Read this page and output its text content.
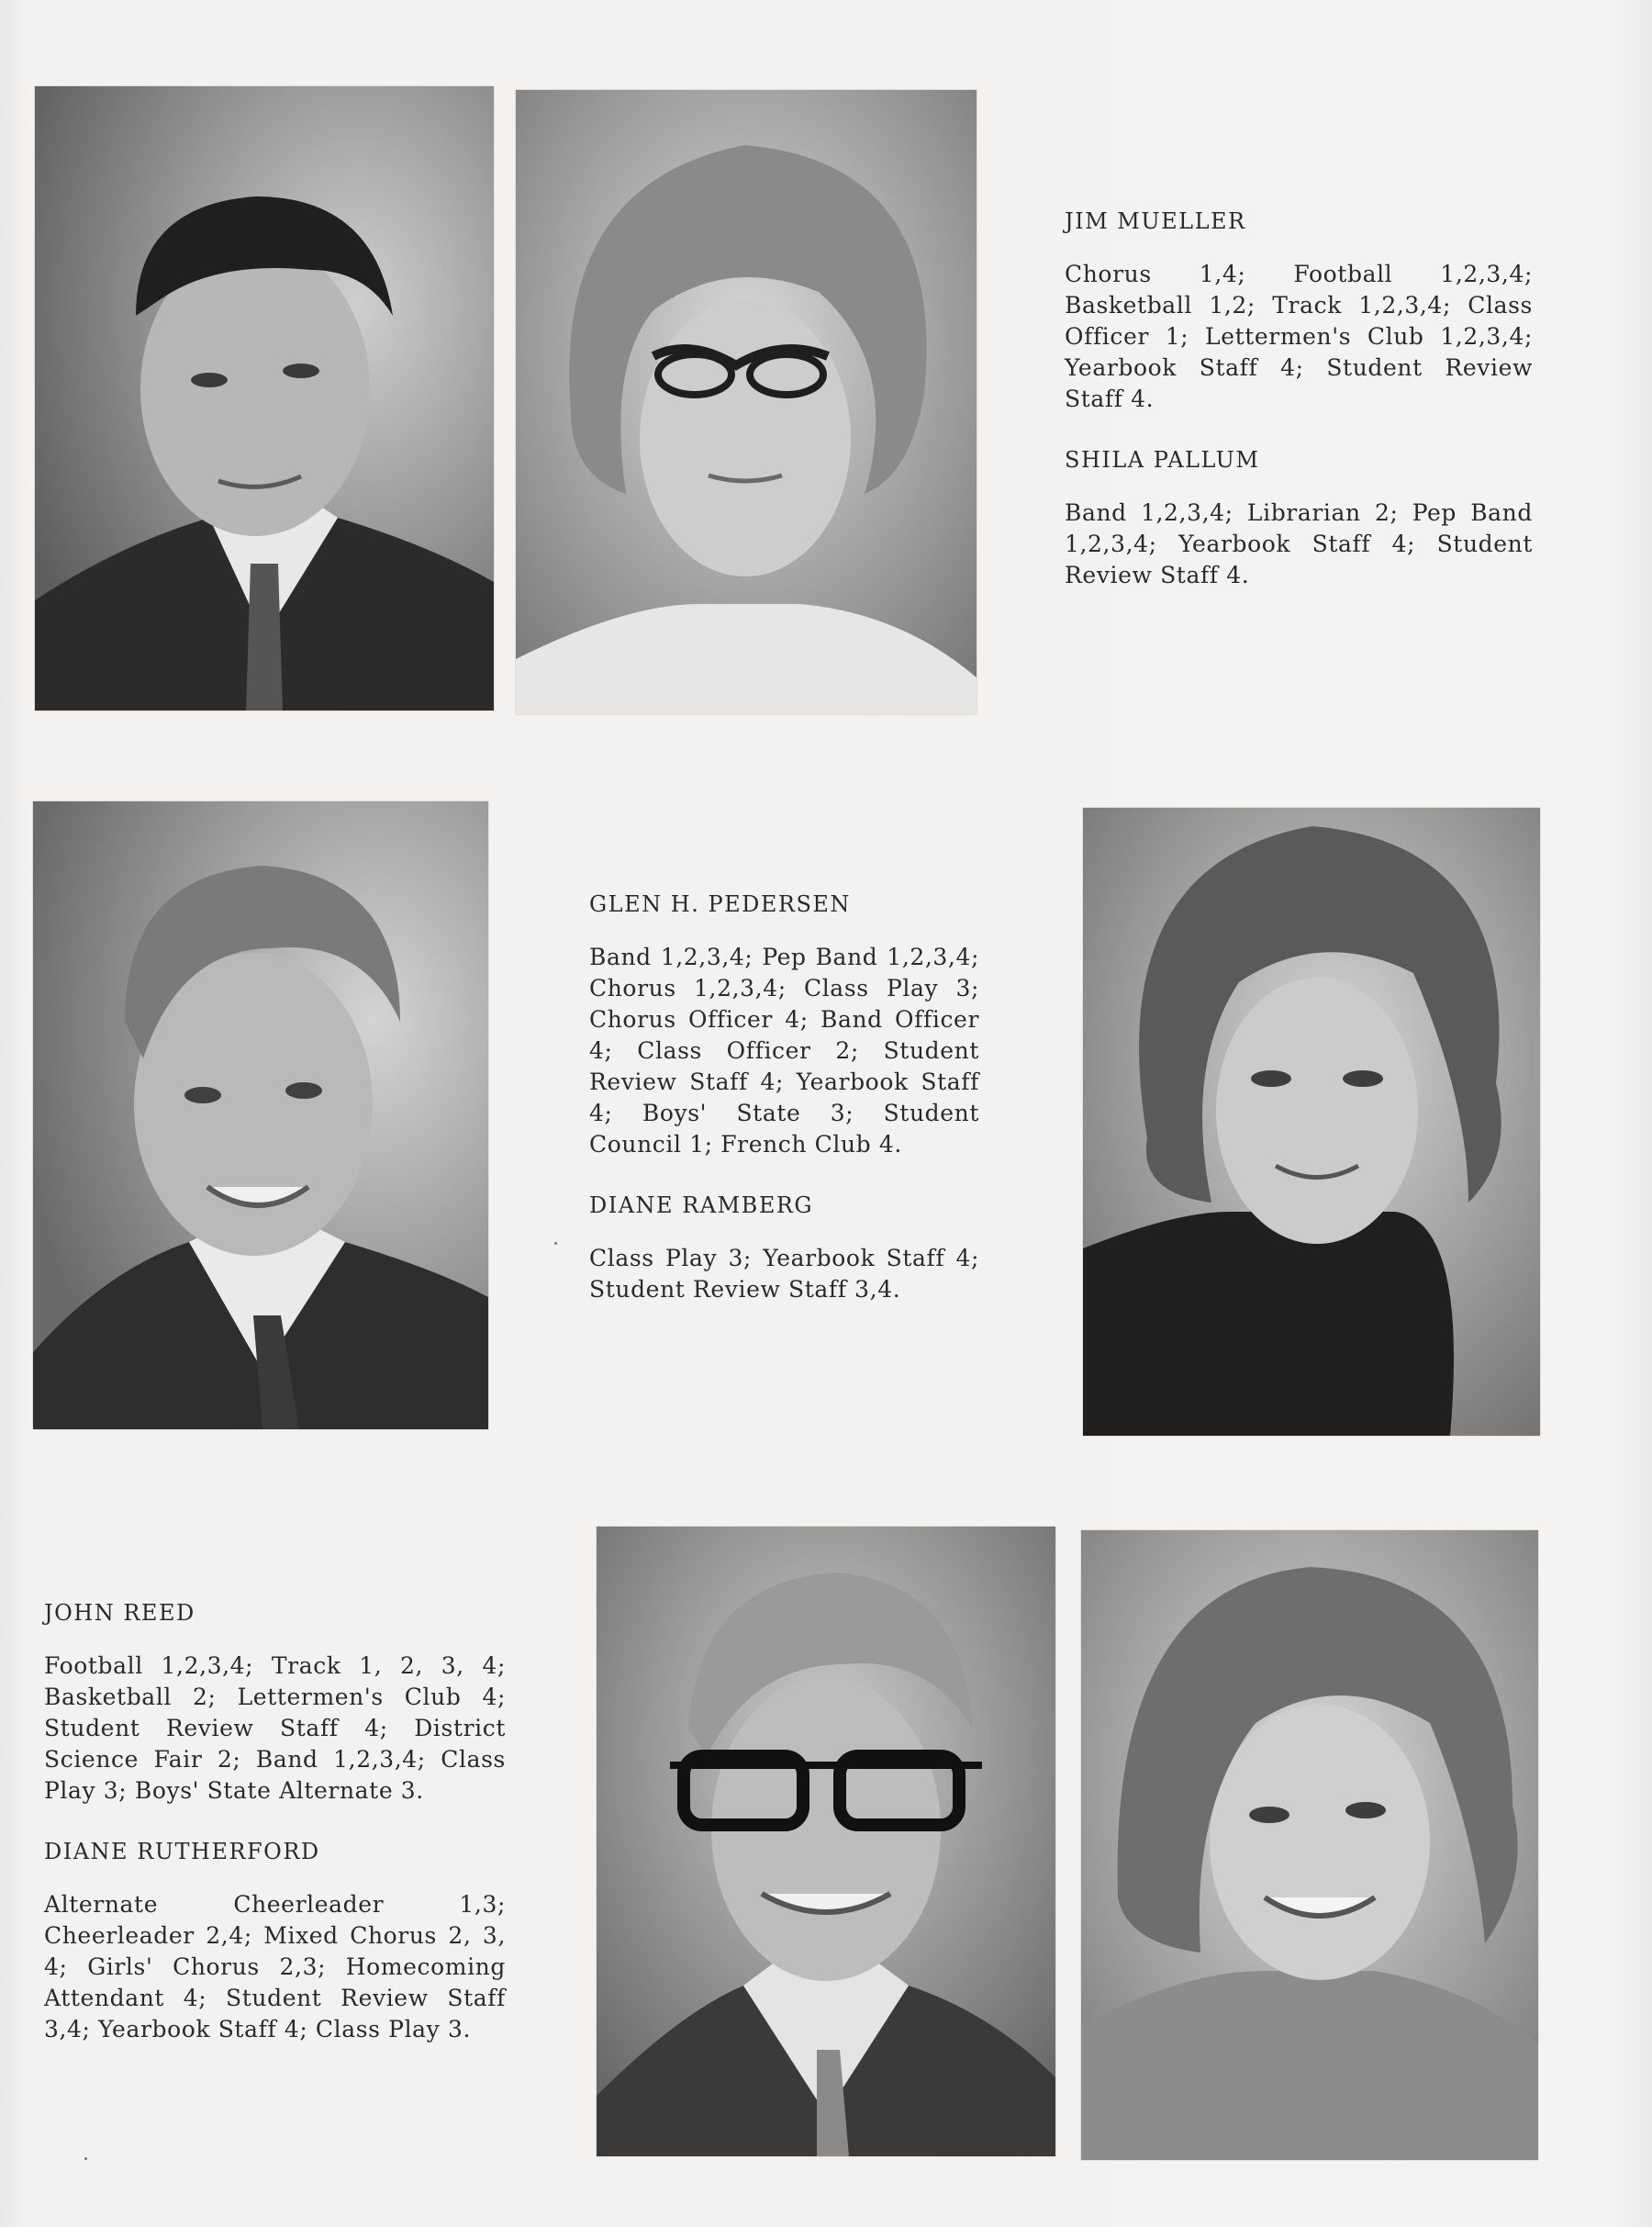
JIM MUELLER
Chorus 1,4; Football 1,2,3,4; Basketball 1,2; Track 1,2,3,4; Class Officer 1; Lettermen's Club 1,2,3,4; Yearbook Staff 4; Student Review Staff 4.
SHILA PALLUM
Band 1,2,3,4; Librarian 2; Pep Band 1,2,3,4; Yearbook Staff 4; Student Review Staff 4.
GLEN H. PEDERSEN
Band 1,2,3,4; Pep Band 1,2,3,4; Chorus 1,2,3,4; Class Play 3; Chorus Officer 4; Band Officer 4; Class Officer 2; Student Review Staff 4; Yearbook Staff 4; Boys' State 3; Student Council 1; French Club 4.
DIANE RAMBERG
Class Play 3; Yearbook Staff 4; Student Review Staff 3,4.
JOHN REED
Football 1,2,3,4; Track 1, 2, 3, 4; Basketball 2; Lettermen's Club 4; Student Review Staff 4; District Science Fair 2; Band 1,2,3,4; Class Play 3; Boys' State Alternate 3.
DIANE RUTHERFORD
Alternate Cheerleader 1,3; Cheerleader 2,4; Mixed Chorus 2, 3, 4; Girls' Chorus 2,3; Homecoming Attendant 4; Student Review Staff 3,4; Yearbook Staff 4; Class Play 3.
